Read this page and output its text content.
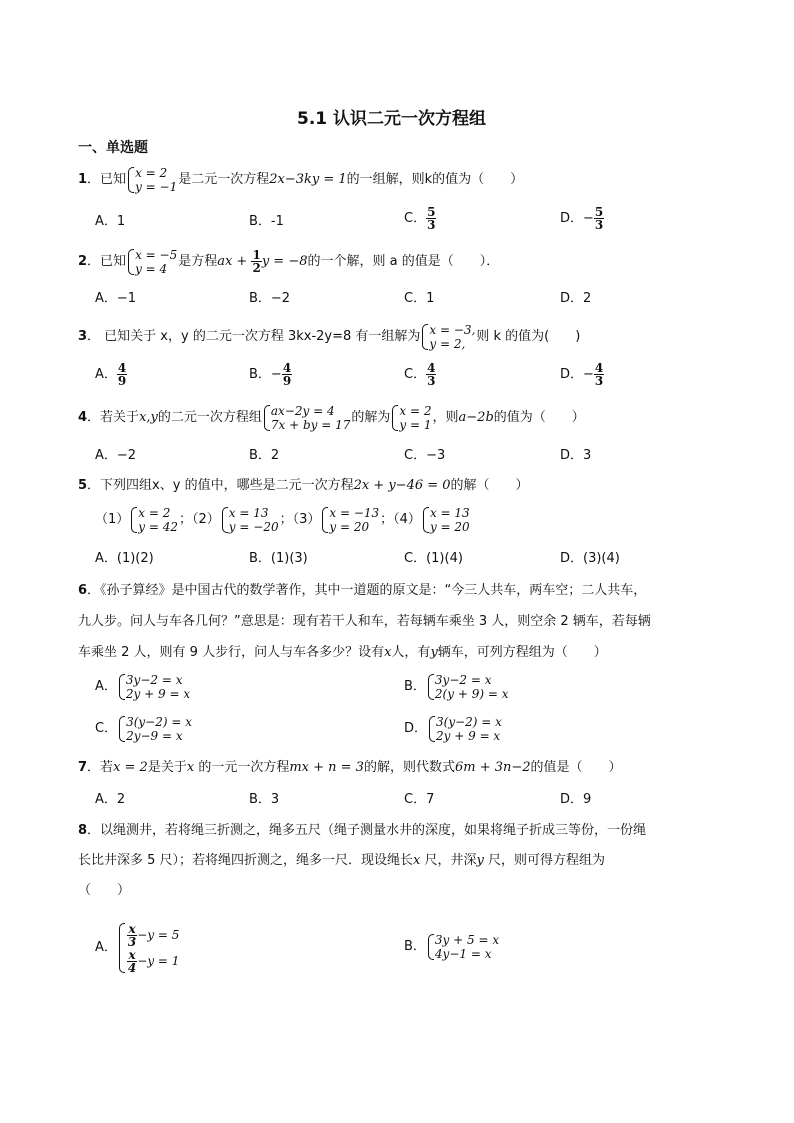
5.1 认识二元一次方程组
一、单选题
1．已知 x = 2
y = −1 是二元一次方程2x−3ky = 1的一组解，则k的值为（　　）
A．1	B．-1	C． $\frac{5}{3}$	D．− $\frac{5}{3}$
2．已知 x = −5
y = 4 是方程ax + $\frac{1}{2}$ y = −8的一个解，则 a 的值是（　　）．
A．−1	B．−2	C．1	D．2
3． 已知关于 x，y 的二元一次方程 3kx-2y=8 有一组解为 x = −3,
y = 2, 则 k 的值为(　　)
A． $\frac{4}{9}$	B．− $\frac{4}{9}$	C． $\frac{4}{3}$	D．− $\frac{4}{3}$
4．若关于x,y的二元一次方程组 ax−2y = 4
7x + by = 17 的解为 x = 2
y = 1 ，则a−2b的值为（　　）
A．−2	B．2	C．−3	D．3
5．下列四组x、y 的值中，哪些是二元一次方程2x + y−46 = 0的解（　　）
（1） x = 2
y = 42 ；（2） x = 13
y = −20 ；（3） x = −13
y = 20 ；（4） x = 13
y = 20
A．(1)(2)	B．(1)(3)	C．(1)(4)	D．(3)(4)
6．《孙子算经》是中国古代的数学著作，其中一道题的原文是：“今三人共车，两车空；二人共车，
九人步。问人与车各几何？”意思是：现有若干人和车，若每辆车乘坐 3 人，则空余 2 辆车，若每辆
车乘坐 2 人，则有 9 人步行，问人与车各多少？设有x人，有y辆车，可列方程组为（　　）
A． 3y−2 = x
2y + 9 = x	B． 3y−2 = x
2(y + 9) = x
C． 3(y−2) = x
2y−9 = x	D． 3(y−2) = x
2y + 9 = x
7．若x = 2是关于x 的一元一次方程mx + n = 3的解，则代数式6m + 3n−2的值是（　　）
A．2	B．3	C．7	D．9
8．以绳测井，若将绳三折测之，绳多五尺（绳子测量水井的深度，如果将绳子折成三等份，一份绳
长比井深多 5 尺）；若将绳四折测之，绳多一尺．现设绳长x 尺，井深y 尺，则可得方程组为
（　　）
A． $\frac{x}{3} -y = 5$
$\frac{x}{4} -y = 1$
B． 3y + 5 = x
4y−1 = x
